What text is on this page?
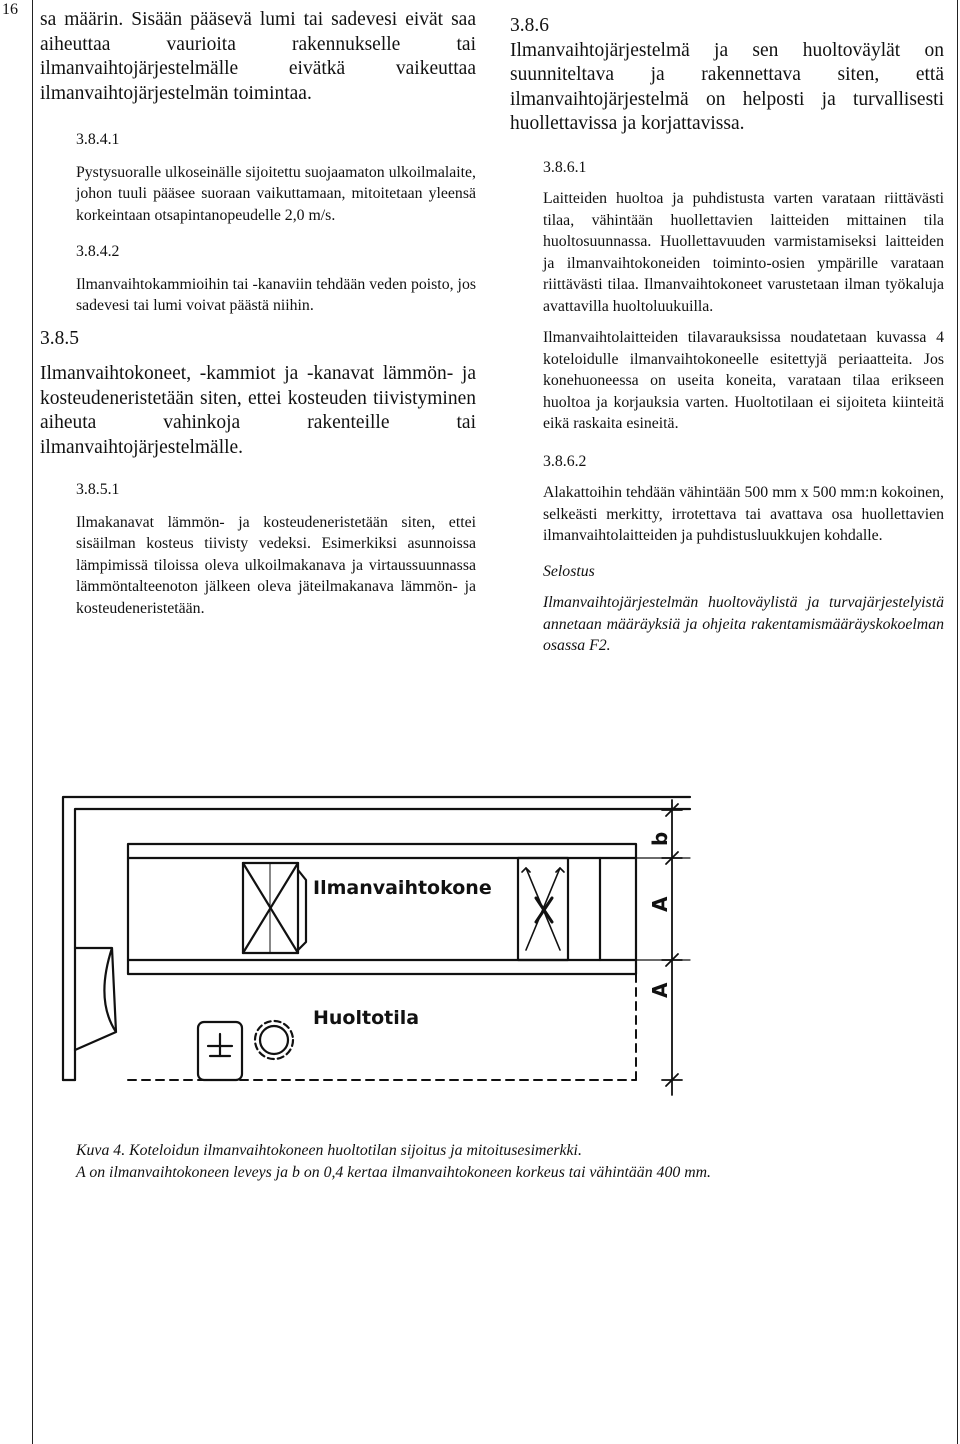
16 sa määrin. Sisään pääsevä lumi tai sadevesi eivät saa aiheuttaa vaurioita rakennukselle tai ilmanvaihtojärjestelmälle eivätkä vaikeuttaa ilmanvaihtojärjestelmän toimintaa.

3.8.4.1

Pystysuoralle ulkoseinälle sijoitettu suojaamaton ulkoilmalaite, johon tuuli pääsee suoraan vaikuttamaan, mitoitetaan yleensä korkeintaan otsapintanopeudelle 2,0 m/s.

3.8.4.2

Ilmanvaihtokammioihin tai -kanaviin tehdään veden poisto, jos sadevesi tai lumi voivat päästä niihin.

3.8.5

Ilmanvaihtokoneet, -kammiot ja -kanavat lämmön- ja kosteudeneristetään siten, ettei kosteuden tiivistyminen aiheuta vahinkoja rakenteille tai ilmanvaihtojärjestelmälle.

3.8.5.1

Ilmakanavat lämmön- ja kosteudeneristetään siten, ettei sisäilman kosteus tiivisty vedeksi. Esimerkiksi asunnoissa lämpimissä tiloissa oleva ulkoilmakanava ja virtaussuunnassa lämmöntalteenoton jälkeen oleva jäteilmakanava lämmön- ja kosteudeneristetään.

3.8.6

Ilmanvaihtojärjestelmä ja sen huoltoväylät on suunniteltava ja rakennettava siten, että ilmanvaihtojärjestelmä on helposti ja turvallisesti huollettavissa ja korjattavissa.

3.8.6.1

Laitteiden huoltoa ja puhdistusta varten varataan riittävästi tilaa, vähintään huollettavien laitteiden mittainen tila huoltosuunnassa. Huollettavuuden varmistamiseksi laitteiden ja ilmanvaihtokoneiden toiminto-osien ympärille varataan riittävästi tilaa. Ilmanvaihtokoneet varustetaan ilman työkaluja avattavilla huoltoluukuilla.

Ilmanvaihtolaitteiden tilavarauksissa noudatetaan kuvassa 4 koteloidulle ilmanvaihtokoneelle esitettyjä periaatteita. Jos konehuoneessa on useita koneita, varataan tilaa erikseen huoltoa ja korjauksia varten. Huoltotilaan ei sijoiteta kiinteitä eikä raskaita esineitä.

3.8.6.2

Alakattoihin tehdään vähintään 500 mm x 500 mm:n kokoinen, selkeästi merkitty, irrotettava tai avattava osa huollettavien ilmanvaihtolaitteiden ja puhdistusluukkujen kohdalle.

Selostus

Ilmanvaihtojärjestelmän huoltoväylistä ja turvajärjestelyistä annetaan määräyksiä ja ohjeita rakentamismääräyskokoelman osassa F2.

Ilmanvaihtokone
Huoltotila
b
A
A

Kuva 4. Koteloidun ilmanvaihtokoneen huoltotilan sijoitus ja mitoitusesimerkki.

A on ilmanvaihtokoneen leveys ja b on 0,4 kertaa ilmanvaihtokoneen korkeus tai vähintään 400 mm.
